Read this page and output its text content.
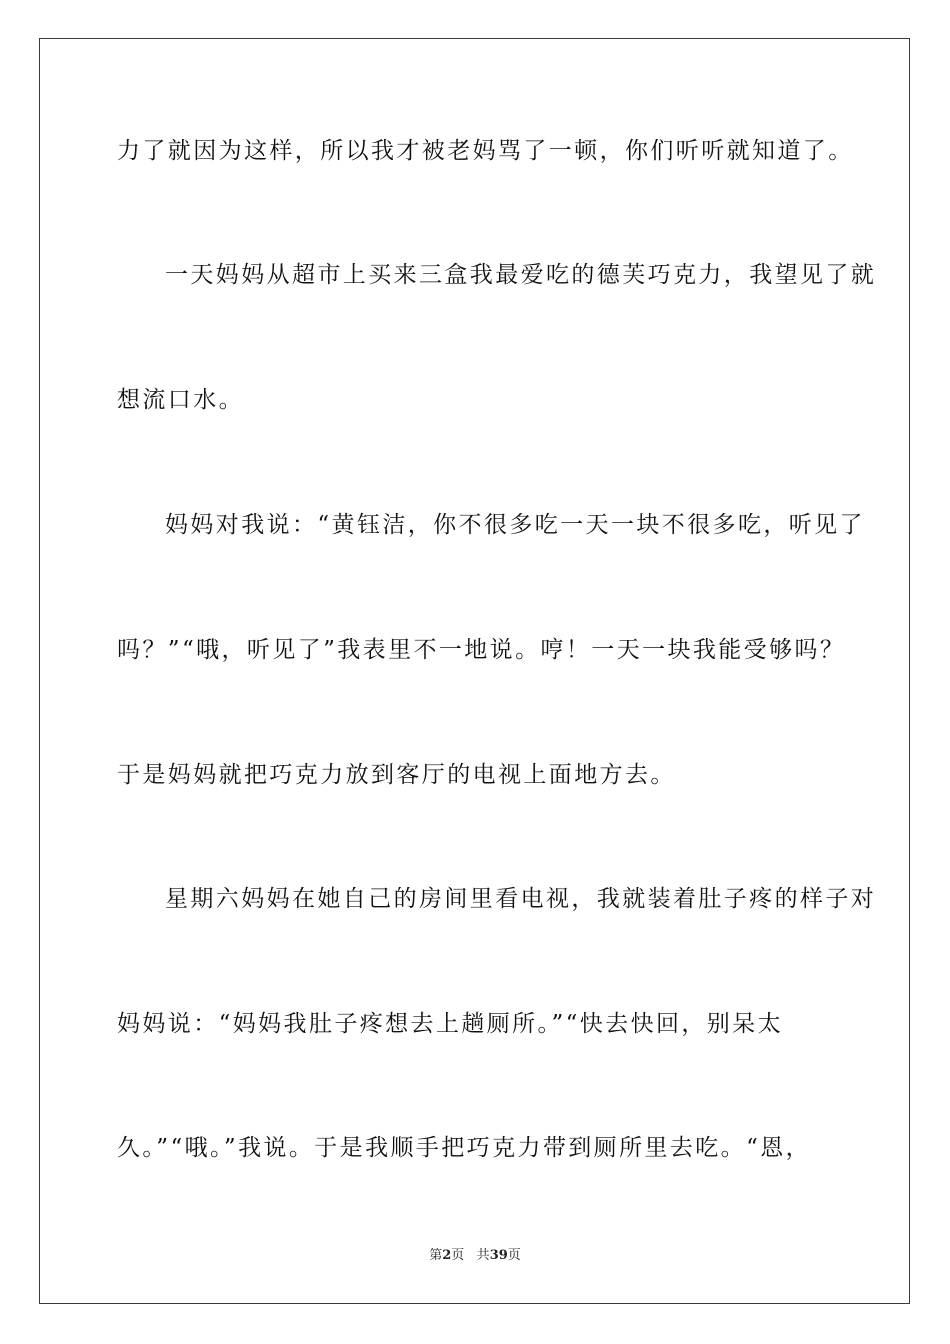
力了就因为这样，所以我才被老妈骂了一顿，你们听听就知道了。
一天妈妈从超市上买来三盒我最爱吃的德芙巧克力，我望见了就
想流口水。
妈妈对我说：“黄钰洁，你不很多吃一天一块不很多吃，听见了
吗？”“哦，听见了”我表里不一地说。哼！一天一块我能受够吗？
于是妈妈就把巧克力放到客厅的电视上面地方去。
星期六妈妈在她自己的房间里看电视，我就装着肚子疼的样子对
妈妈说：“妈妈我肚子疼想去上趟厕所。”“快去快回，别呆太
久。”“哦。”我说。于是我顺手把巧克力带到厕所里去吃。“恩，
第2页 共39页
